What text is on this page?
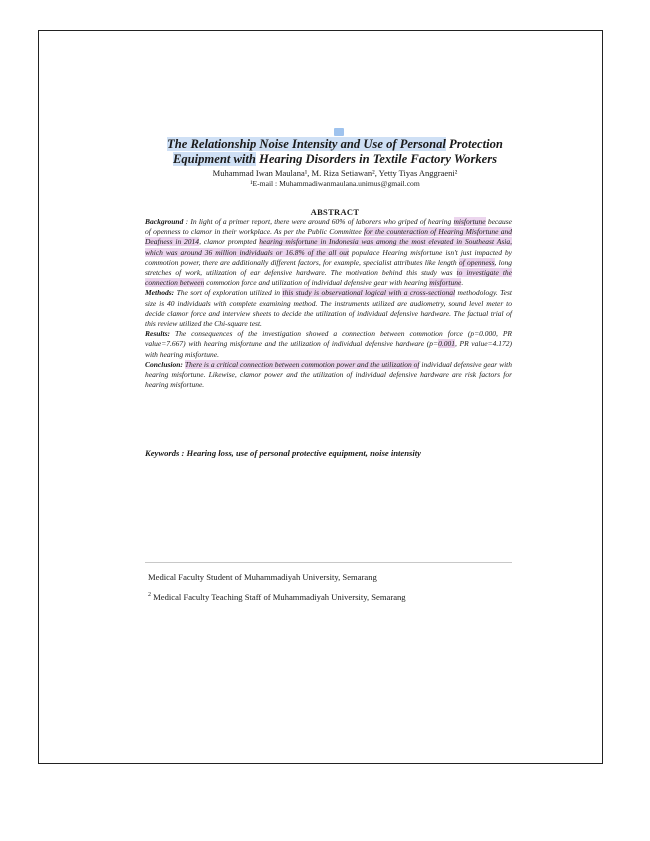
The Relationship Noise Intensity and Use of Personal Protection
Equipment with Hearing Disorders in Textile Factory Workers
Muhammad Iwan Maulana¹, M. Riza Setiawan², Yetty Tiyas Anggraeni²
¹E-mail : Muhammadiwanmaulana.unimus@gmail.com
ABSTRACT

Background : In light of a primer report, there were around 60% of laborers who griped of hearing misfortune because of openness to clamor in their workplace. As per the Public Committee for the counteraction of Hearing Misfortune and Deafness in 2014, clamor prompted hearing misfortune in Indonesia was among the most elevated in Southeast Asia, which was around 36 million individuals or 16.8% of the all out populace Hearing misfortune isn't just impacted by commotion power, there are additionally different factors, for example, specialist attributes like length of openness, long stretches of work, utilization of ear defensive hardware. The motivation behind this study was to investigate the connection between commotion force and utilization of individual defensive gear with hearing misfortune.

Methods: The sort of exploration utilized in this study is observational logical with a cross-sectional methodology. Test size is 40 individuals with complete examining method. The instruments utilized are audiometry, sound level meter to decide clamor force and interview sheets to decide the utilization of individual defensive hardware. The factual trial of this review utilized the Chi-square test.

Results: The consequences of the investigation showed a connection between commotion force (p=0.000, PR value=7.667) with hearing misfortune and the utilization of individual defensive hardware (p=0.001, PR value=4.172) with hearing misfortune.

Conclusion: There is a critical connection between commotion power and the utilization of individual defensive gear with hearing misfortune. Likewise, clamor power and the utilization of individual defensive hardware are risk factors for hearing misfortune.

Keywords : Hearing loss, use of personal protective equipment, noise intensity
Medical Faculty Student of Muhammadiyah University, Semarang
$^2$ Medical Faculty Teaching Staff of Muhammadiyah University, Semarang
